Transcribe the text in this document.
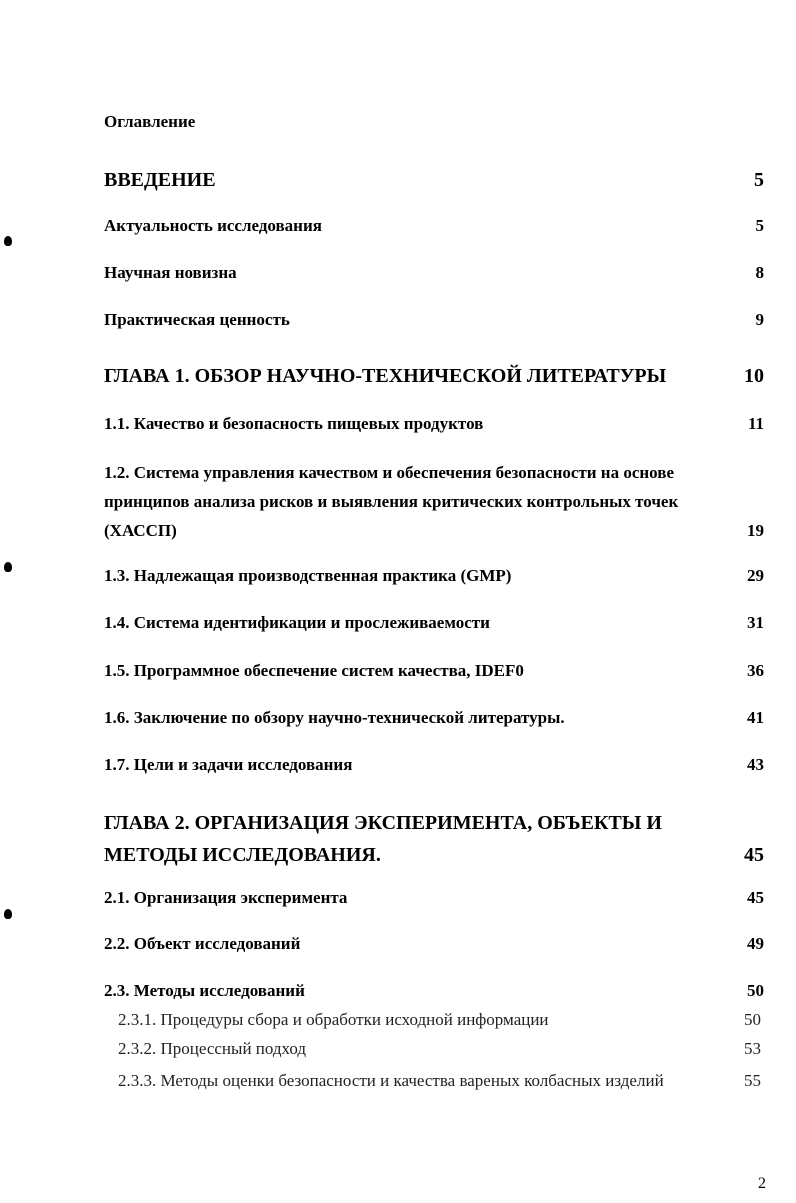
Оглавление
ВВЕДЕНИЕ	5
Актуальность исследования	5
Научная новизна	8
Практическая ценность	9
ГЛАВА 1. ОБЗОР НАУЧНО-ТЕХНИЧЕСКОЙ ЛИТЕРАТУРЫ	10
1.1. Качество и безопасность пищевых продуктов	11
1.2. Система управления качеством и обеспечения безопасности на основе принципов анализа рисков и выявления критических контрольных точек (ХАССП)	19
1.3. Надлежащая производственная практика (GMP)	29
1.4. Система идентификации и прослеживаемости	31
1.5. Программное обеспечение систем качества, IDEF0	36
1.6. Заключение по обзору научно-технической литературы.	41
1.7. Цели и задачи исследования	43
ГЛАВА 2. ОРГАНИЗАЦИЯ ЭКСПЕРИМЕНТА, ОБЪЕКТЫ И МЕТОДЫ ИССЛЕДОВАНИЯ.	45
2.1. Организация эксперимента	45
2.2. Объект исследований	49
2.3. Методы исследований	50
2.3.1. Процедуры сбора и обработки исходной информации	50
2.3.2. Процессный подход	53
2.3.3. Методы оценки безопасности и качества вареных колбасных изделий	55
2
